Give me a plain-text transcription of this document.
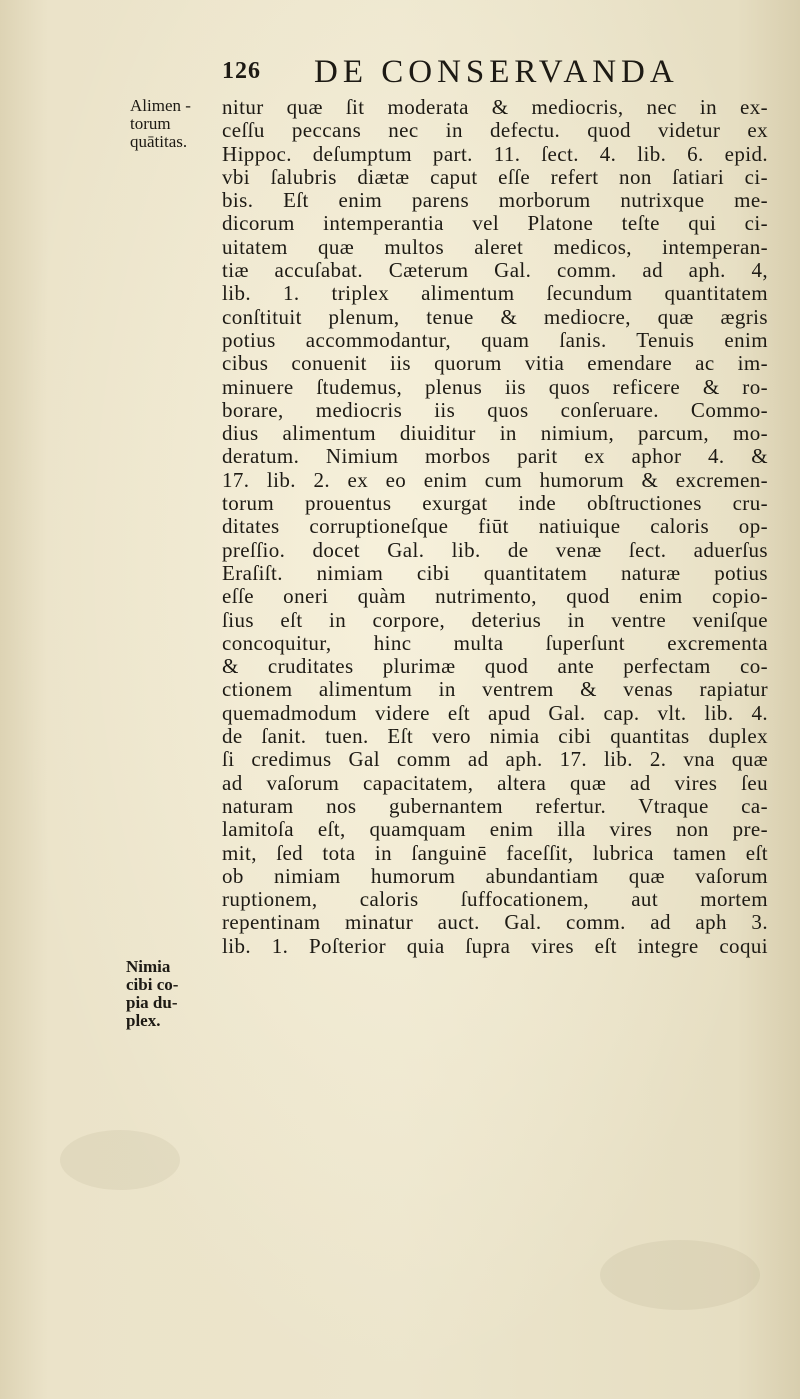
126 DE CONSERVANDA
Alimen -
torum
quātitas.
Nimia
cibi co-
pia du-
plex.
nitur quæ ſit moderata & mediocris, nec in ex-
ceſſu peccans nec in defectu. quod videtur ex
Hippoc. deſumptum part. 11. ſect. 4. lib. 6. epid.
vbi ſalubris diætæ caput eſſe refert non ſatiari ci-
bis. Eſt enim parens morborum nutrixque me-
dicorum intemperantia vel Platone teſte qui ci-
uitatem quæ multos aleret medicos, intemperan-
tiæ accuſabat. Cæterum Gal. comm. ad aph. 4,
lib. 1. triplex alimentum ſecundum quantitatem
conſtituit plenum, tenue & mediocre, quæ ægris
potius accommodantur, quam ſanis. Tenuis enim
cibus conuenit iis quorum vitia emendare ac im-
minuere ſtudemus, plenus iis quos reficere & ro-
borare, mediocris iis quos conſeruare. Commo-
dius alimentum diuiditur in nimium, parcum, mo-
deratum. Nimium morbos parit ex aphor 4. &
17. lib. 2. ex eo enim cum humorum & excremen-
torum prouentus exurgat inde obſtructiones cru-
ditates corruptioneſque fiūt natiuique caloris op-
preſſio. docet Gal. lib. de venæ ſect. aduerſus
Eraſiſt. nimiam cibi quantitatem naturæ potius
eſſe oneri quàm nutrimento, quod enim copio-
ſius eſt in corpore, deterius in ventre veniſque
concoquitur, hinc multa ſuperſunt excrementa
& cruditates plurimæ quod ante perfectam co-
ctionem alimentum in ventrem & venas rapiatur
quemadmodum videre eſt apud Gal. cap. vlt. lib. 4.
de ſanit. tuen. Eſt vero nimia cibi quantitas duplex
ſi credimus Gal comm ad aph. 17. lib. 2. vna quæ
ad vaſorum capacitatem, altera quæ ad vires ſeu
naturam nos gubernantem refertur. Vtraque ca-
lamitoſa eſt, quamquam enim illa vires non pre-
mit, ſed tota in ſanguinē faceſſit, lubrica tamen eſt
ob nimiam humorum abundantiam quæ vaſorum
ruptionem, caloris ſuffocationem, aut mortem
repentinam minatur auct. Gal. comm. ad aph 3.
lib. 1. Poſterior quia ſupra vires eſt integre coqui
